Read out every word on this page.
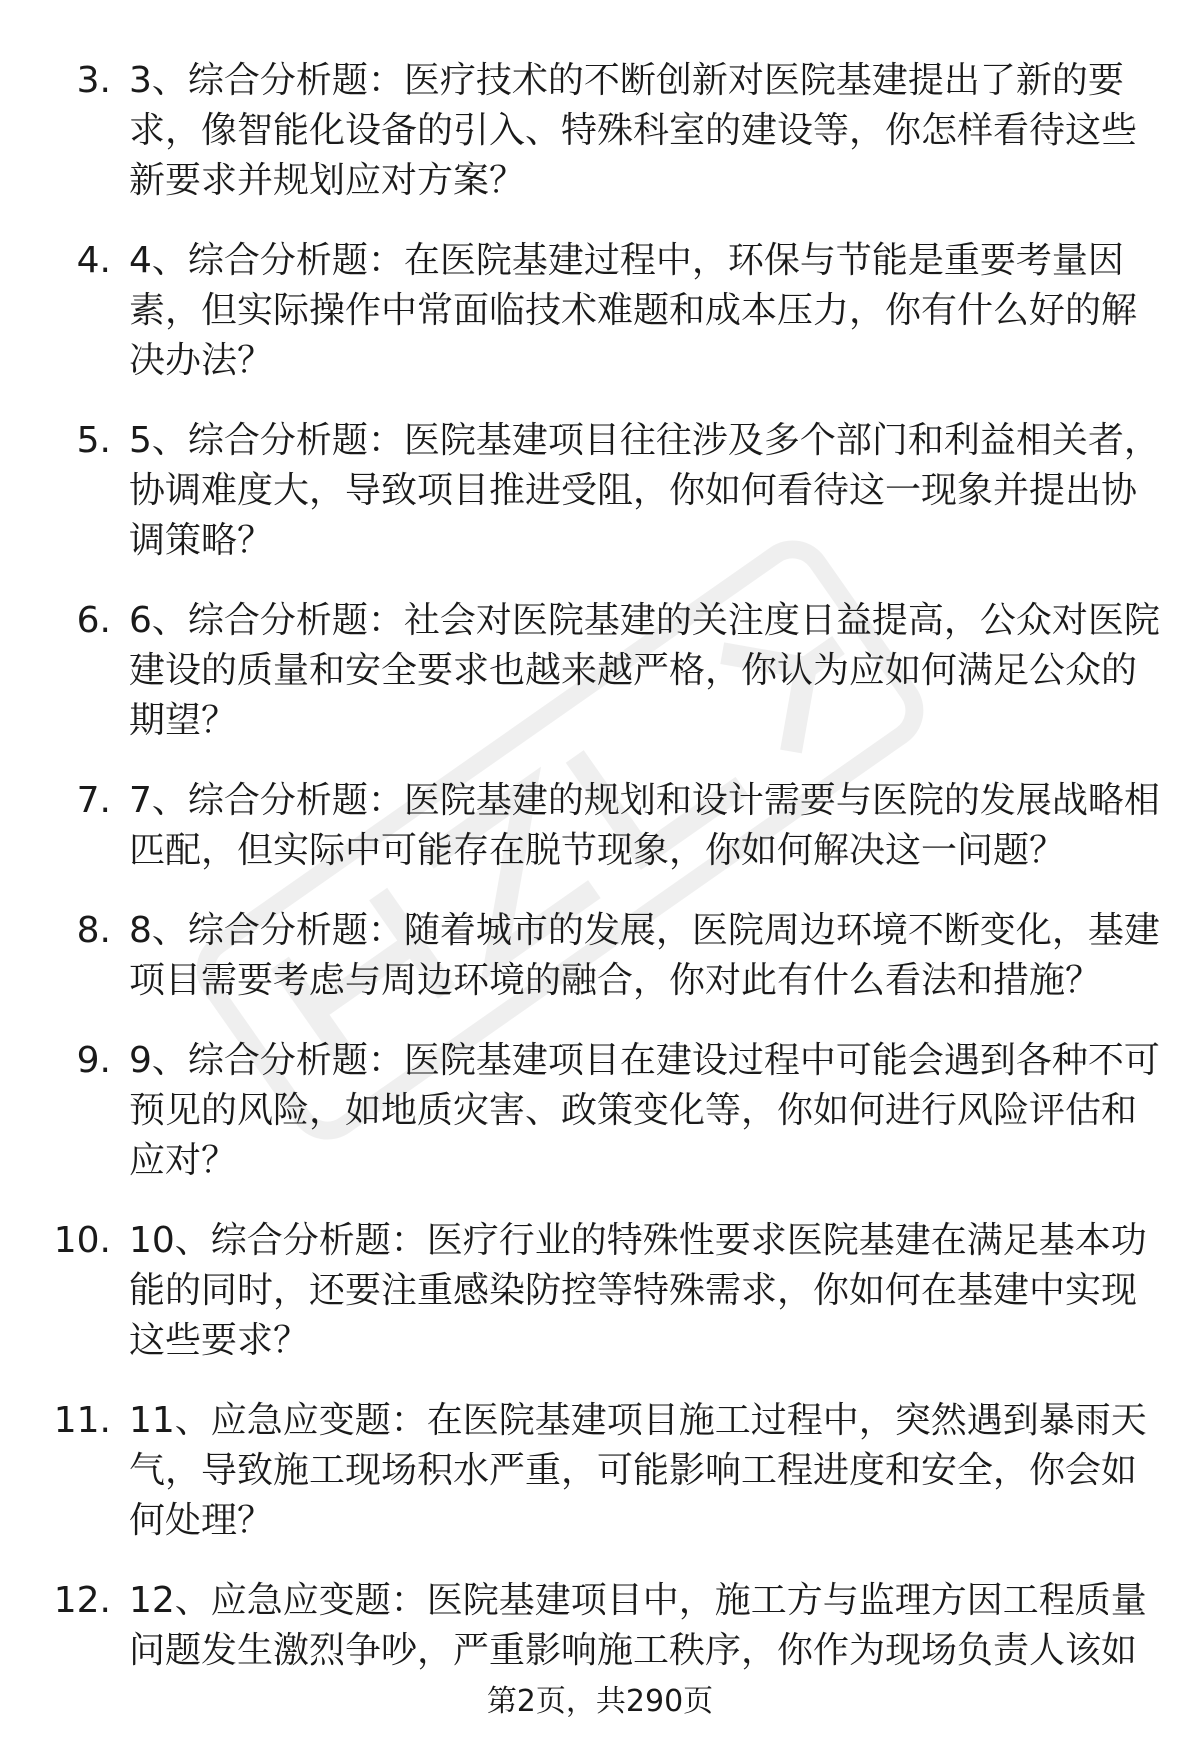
3. 3、综合分析题：医疗技术的不断创新对医院基建提出了新的要求，像智能化设备的引入、特殊科室的建设等，你怎样看待这些新要求并规划应对方案？
4. 4、综合分析题：在医院基建过程中，环保与节能是重要考量因素，但实际操作中常面临技术难题和成本压力，你有什么好的解决办法？
5. 5、综合分析题：医院基建项目往往涉及多个部门和利益相关者，协调难度大，导致项目推进受阻，你如何看待这一现象并提出协调策略？
6. 6、综合分析题：社会对医院基建的关注度日益提高，公众对医院建设的质量和安全要求也越来越严格，你认为应如何满足公众的期望？
7. 7、综合分析题：医院基建的规划和设计需要与医院的发展战略相匹配，但实际中可能存在脱节现象，你如何解决这一问题？
8. 8、综合分析题：随着城市的发展，医院周边环境不断变化，基建项目需要考虑与周边环境的融合，你对此有什么看法和措施？
9. 9、综合分析题：医院基建项目在建设过程中可能会遇到各种不可预见的风险，如地质灾害、政策变化等，你如何进行风险评估和应对？
10. 10、综合分析题：医疗行业的特殊性要求医院基建在满足基本功能的同时，还要注重感染防控等特殊需求，你如何在基建中实现这些要求？
11. 11、应急应变题：在医院基建项目施工过程中，突然遇到暴雨天气，导致施工现场积水严重，可能影响工程进度和安全，你会如何处理？
12. 12、应急应变题：医院基建项目中，施工方与监理方因工程质量问题发生激烈争吵，严重影响施工秩序，你作为现场负责人该如
第2页，共290页
